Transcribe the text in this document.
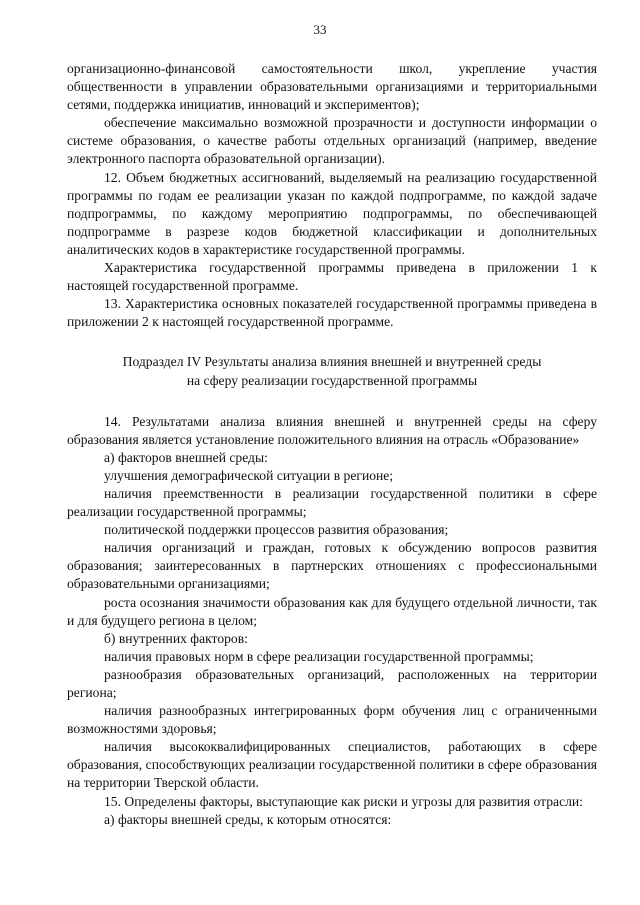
33

организационно-финансовой самостоятельности школ, укрепление участия общественности в управлении образовательными организациями и территориальными сетями, поддержка инициатив, инноваций и экспериментов);

обеспечение максимально возможной прозрачности и доступности информации о системе образования, о качестве работы отдельных организаций (например, введение электронного паспорта образовательной организации).

12. Объем бюджетных ассигнований, выделяемый на реализацию государственной программы по годам ее реализации указан по каждой подпрограмме, по каждой задаче подпрограммы, по каждому мероприятию подпрограммы, по обеспечивающей подпрограмме в разрезе кодов бюджетной классификации и дополнительных аналитических кодов в характеристике государственной программы.

Характеристика государственной программы приведена в приложении 1 к настоящей государственной программе.

13. Характеристика основных показателей государственной программы приведена в приложении 2 к настоящей государственной программе.

Подраздел IV Результаты анализа влияния внешней и внутренней среды
на сферу реализации государственной программы

14. Результатами анализа влияния внешней и внутренней среды на сферу образования является установление положительного влияния на отрасль «Образование»

а) факторов внешней среды:

улучшения демографической ситуации в регионе;

наличия преемственности в реализации государственной политики в сфере реализации государственной программы;

политической поддержки процессов развития образования;

наличия организаций и граждан, готовых к обсуждению вопросов развития образования; заинтересованных в партнерских отношениях с профессиональными образовательными организациями;

роста осознания значимости образования как для будущего отдельной личности, так и для будущего региона в целом;

б) внутренних факторов:

наличия правовых норм в сфере реализации государственной программы;

разнообразия образовательных организаций, расположенных на территории региона;

наличия разнообразных интегрированных форм обучения лиц с ограниченными возможностями здоровья;

наличия высококвалифицированных специалистов, работающих в сфере образования, способствующих реализации государственной политики в сфере образования на территории Тверской области.

15. Определены факторы, выступающие как риски и угрозы для развития отрасли:

а) факторы внешней среды, к которым относятся:
